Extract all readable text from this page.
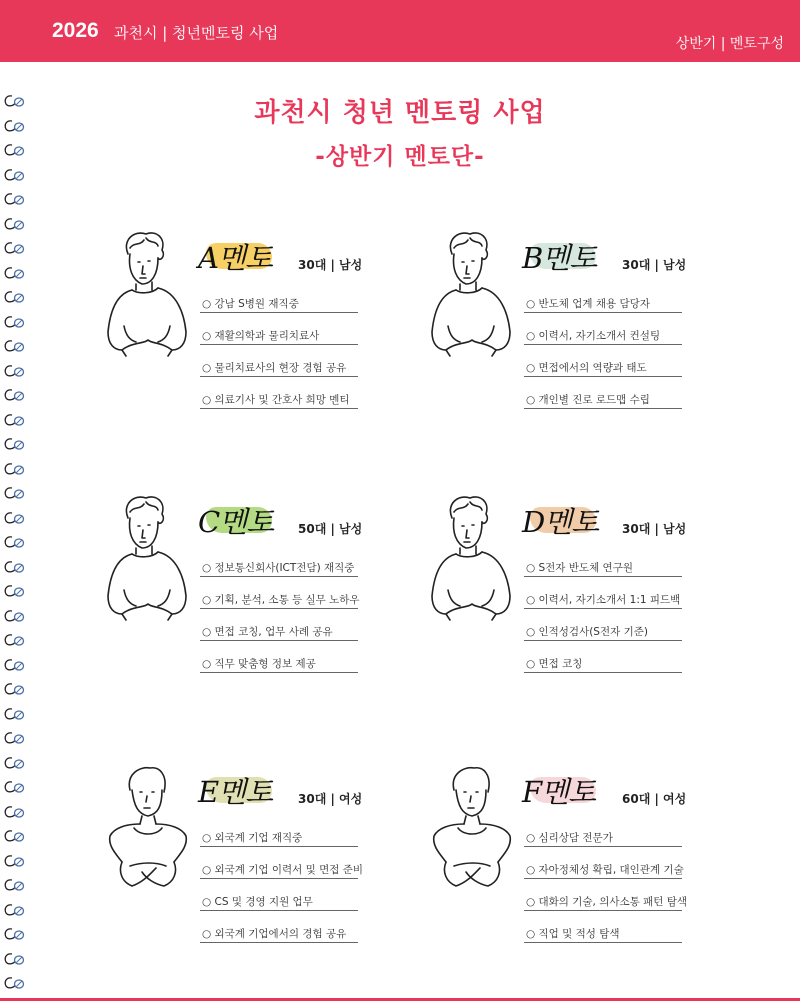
2026 과천시 | 청년멘토링 사업
상반기 | 멘토구성
과천시 청년 멘토링 사업
-상반기 멘토단-
A멘토 30대 | 남성
○ 강남 S병원 재직중
○ 재활의학과 물리치료사
○ 물리치료사의 현장 경험 공유
○ 의료기사 및 간호사 희망 멘티
B멘토 30대 | 남성
○ 반도체 업계 채용 담당자
○ 이력서, 자기소개서 컨설팅
○ 면접에서의 역량과 태도
○ 개인별 진로 로드맵 수립
C멘토 50대 | 남성
○ 정보통신회사(ICT전담) 재직중
○ 기획, 분석, 소통 등 실무 노하우
○ 면접 코칭, 업무 사례 공유
○ 직무 맞춤형 정보 제공
D멘토 30대 | 남성
○ S전자 반도체 연구원
○ 이력서, 자기소개서 1:1 피드백
○ 인적성검사(S전자 기준)
○ 면접 코칭
E멘토 30대 | 여성
○ 외국계 기업 재직중
○ 외국계 기업 이력서 및 면접 준비
○ CS 및 경영 지원 업무
○ 외국계 기업에서의 경험 공유
F멘토 60대 | 여성
○ 심리상담 전문가
○ 자아정체성 확립, 대인관계 기술
○ 대화의 기술, 의사소통 패턴 탐색
○ 직업 및 적성 탐색
